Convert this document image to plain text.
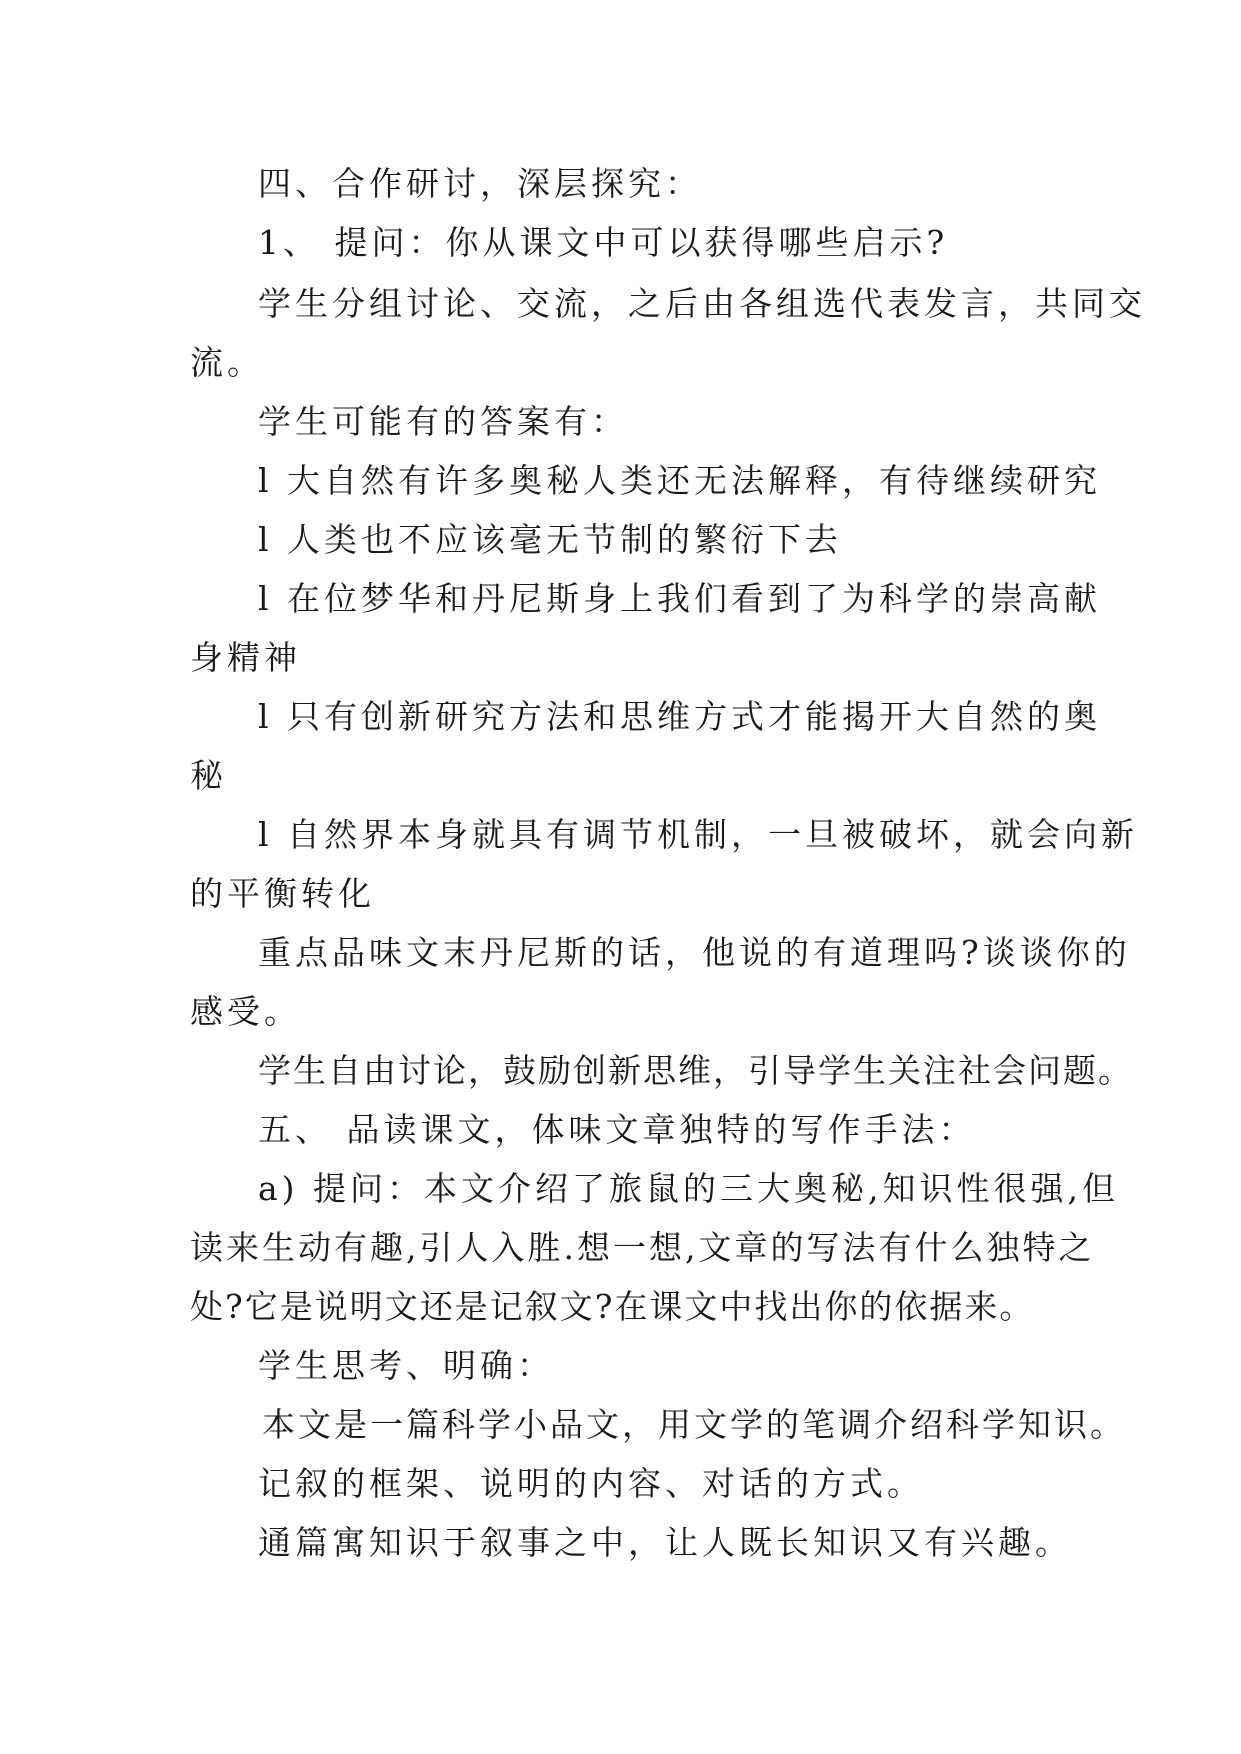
四、合作研讨，深层探究：
1、 提问：你从课文中可以获得哪些启示?
学生分组讨论、交流，之后由各组选代表发言，共同交
流。
学生可能有的答案有：
l 大自然有许多奥秘人类还无法解释，有待继续研究
l 人类也不应该毫无节制的繁衍下去
l 在位梦华和丹尼斯身上我们看到了为科学的崇高献
身精神
l 只有创新研究方法和思维方式才能揭开大自然的奥
秘
l 自然界本身就具有调节机制，一旦被破坏，就会向新
的平衡转化
重点品味文末丹尼斯的话，他说的有道理吗?谈谈你的
感受。
学生自由讨论，鼓励创新思维，引导学生关注社会问题。
五、 品读课文，体味文章独特的写作手法：
a) 提问：本文介绍了旅鼠的三大奥秘,知识性很强,但
读来生动有趣,引人入胜.想一想,文章的写法有什么独特之
处?它是说明文还是记叙文?在课文中找出你的依据来。
学生思考、明确：
本文是一篇科学小品文，用文学的笔调介绍科学知识。
记叙的框架、说明的内容、对话的方式。
通篇寓知识于叙事之中，让人既长知识又有兴趣。
